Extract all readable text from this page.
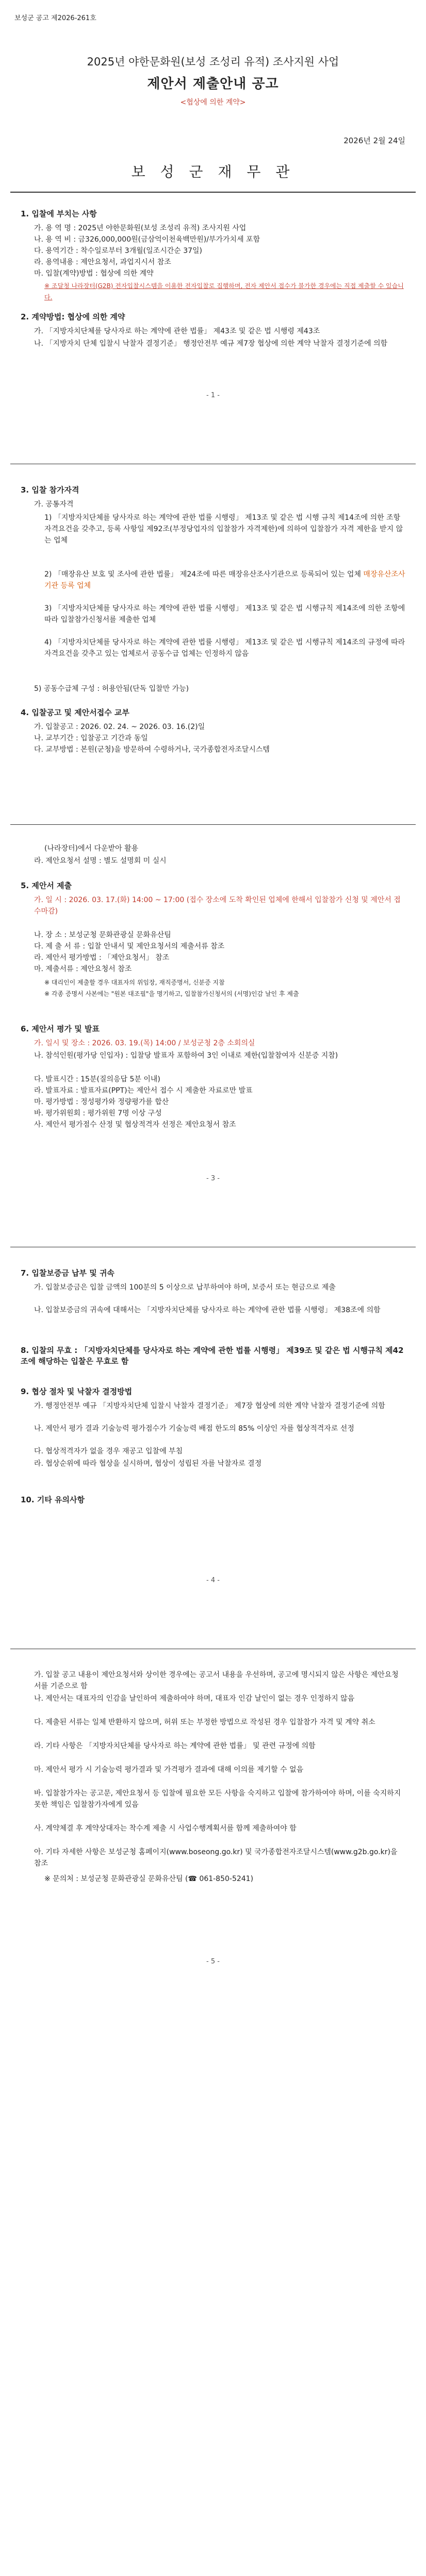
보성군 공고 제2026-261호
2025년 야한문화원(보성 조성리 유적) 조사지원 사업
제안서 제출안내 공고
<협상에 의한 계약>
2026년 2월 24일
보 성 군 재 무 관
1. 입찰에 부치는 사항
가. 용 역 명 : 2025년 야한문화원(보성 조성리 유적) 조사지원 사업
나. 용 역 비 : 금326,000,000원(금삼억이천육백만원)/부가가치세 포함
다. 용역기간 : 착수일로부터 3개월(일조시간순 37일)
라. 용역내용 : 제안요청서, 과업지시서 참조
마. 입찰(계약)방법 : 협상에 의한 계약
※ 조달청 나라장터(G2B) 전자입찰시스템을 이용한 전자입찰로 집행하며, 전자 제안서 접수가 불가한 경우에는 직접 제출할 수 있습니다.
2. 계약방법: 협상에 의한 계약
가. 「지방자치단체를 당사자로 하는 계약에 관한 법률」 제43조 및 같은 법 시행령 제43조
나. 「지방자치 단체 입찰시 낙찰자 결정기준」 행정안전부 예규 제7장 협상에 의한 계약 낙찰자 결정기준에 의함
- 1 -
3. 입찰 참가자격
가. 공통자격
1) 「지방자치단체를 당사자로 하는 계약에 관한 법률 시행령」 제13조 및 같은 법 시행 규칙 제14조에 의한 조항 자격요건을 갖추고, 등록 사항일 제92조(부정당업자의 입찰참가 자격제한)에 의하여 입찰참가 자격 제한을 받지 않는 업체
2) 「매장유산 보호 및 조사에 관한 법률」 제24조에 따른 매장유산조사기관으로 등록되어 있는 업체 매장유산조사기관 등록 업체
3) 「지방자치단체를 당사자로 하는 계약에 관한 법률 시행령」 제13조 및 같은 법 시행규칙 제14조에 의한 조항에 따라 입찰참가신청서를 제출한 업체
4) 「지방자치단체를 당사자로 하는 계약에 관한 법률 시행령」 제13조 및 같은 법 시행규칙 제14조의 규정에 따라 자격요건을 갖추고 있는 업체로서 공동수급 업체는 인정하지 않음
5) 공동수급체 구성 : 허용안됨(단독 입찰만 가능)
4. 입찰공고 및 제안서접수 교부
가. 입찰공고 : 2026. 02. 24. ~ 2026. 03. 16.(2)일
나. 교부기간 : 입찰공고 기간과 동일
다. 교부방법 : 본원(군청)을 방문하여 수령하거나, 국가종합전자조달시스템
(나라장터)에서 다운받아 활용
라. 제안요청서 설명 : 별도 설명회 미 실시
5. 제안서 제출
가. 일 시 : 2026. 03. 17.(화) 14:00 ~ 17:00 (접수 장소에 도착 확인된 업체에 한해서 입찰참가 신청 및 제안서 접수마감)
나. 장 소 : 보성군청 문화관광실 문화유산팀
다. 제 출 서 류 : 입찰 안내서 및 제안요청서의 제출서류 참조
라. 제안서 평가방법 : 「제안요청서」 참조
마. 제출서류 : 제안요청서 참조
※ 대리인이 제출할 경우 대표자의 위임장, 재직증명서, 신분증 지참
※ 각종 증명서 사본에는 "원본 대조필"을 명기하고, 입찰참가신청서의 (서명)인감 날인 후 제출
6. 제안서 평가 및 발표
가. 일시 및 장소 : 2026. 03. 19.(목) 14:00 / 보성군청 2층 소회의실
나. 참석인원(평가당 인입자) : 입찰당 발표자 포함하여 3인 이내로 제한(입찰참여자 신분증 지참)
다. 발표시간 : 15분(질의응답 5분 이내)
라. 발표자료 : 발표자료(PPT)는 제안서 접수 시 제출한 자료로만 발표
마. 평가방법 : 정성평가와 정량평가를 합산
바. 평가위원회 : 평가위원 7명 이상 구성
사. 제안서 평가점수 산정 및 협상적격자 선정은 제안요청서 참조
- 3 -
7. 입찰보증금 납부 및 귀속
가. 입찰보증금은 입찰 금액의 100분의 5 이상으로 납부하여야 하며, 보증서 또는 현금으로 제출
나. 입찰보증금의 귀속에 대해서는 「지방자치단체를 당사자로 하는 계약에 관한 법률 시행령」 제38조에 의함
8. 입찰의 무효 : 「지방자치단체를 당사자로 하는 계약에 관한 법률 시행령」 제39조 및 같은 법 시행규칙 제42조에 해당하는 입찰은 무효로 함
9. 협상 절차 및 낙찰자 결정방법
가. 행정안전부 예규 「지방자치단체 입찰시 낙찰자 결정기준」 제7장 협상에 의한 계약 낙찰자 결정기준에 의함
나. 제안서 평가 결과 기술능력 평가점수가 기술능력 배점 한도의 85% 이상인 자를 협상적격자로 선정
다. 협상적격자가 없을 경우 재공고 입찰에 부침
라. 협상순위에 따라 협상을 실시하며, 협상이 성립된 자를 낙찰자로 결정
10. 기타 유의사항
- 4 -
가. 입찰 공고 내용이 제안요청서와 상이한 경우에는 공고서 내용을 우선하며, 공고에 명시되지 않은 사항은 제안요청서를 기준으로 함
나. 제안서는 대표자의 인감을 날인하여 제출하여야 하며, 대표자 인감 날인이 없는 경우 인정하지 않음
다. 제출된 서류는 일체 반환하지 않으며, 허위 또는 부정한 방법으로 작성된 경우 입찰참가 자격 및 계약 취소
라. 기타 사항은 「지방자치단체를 당사자로 하는 계약에 관한 법률」 및 관련 규정에 의함
마. 제안서 평가 시 기술능력 평가결과 및 가격평가 결과에 대해 이의를 제기할 수 없음
바. 입찰참가자는 공고문, 제안요청서 등 입찰에 필요한 모든 사항을 숙지하고 입찰에 참가하여야 하며, 이를 숙지하지 못한 책임은 입찰참가자에게 있음
사. 계약체결 후 계약상대자는 착수계 제출 시 사업수행계획서를 함께 제출하여야 함
아. 기타 자세한 사항은 보성군청 홈페이지(www.boseong.go.kr) 및 국가종합전자조달시스템(www.g2b.go.kr)을 참조
※ 문의처 : 보성군청 문화관광실 문화유산팀 (☎ 061-850-5241)
- 5 -
